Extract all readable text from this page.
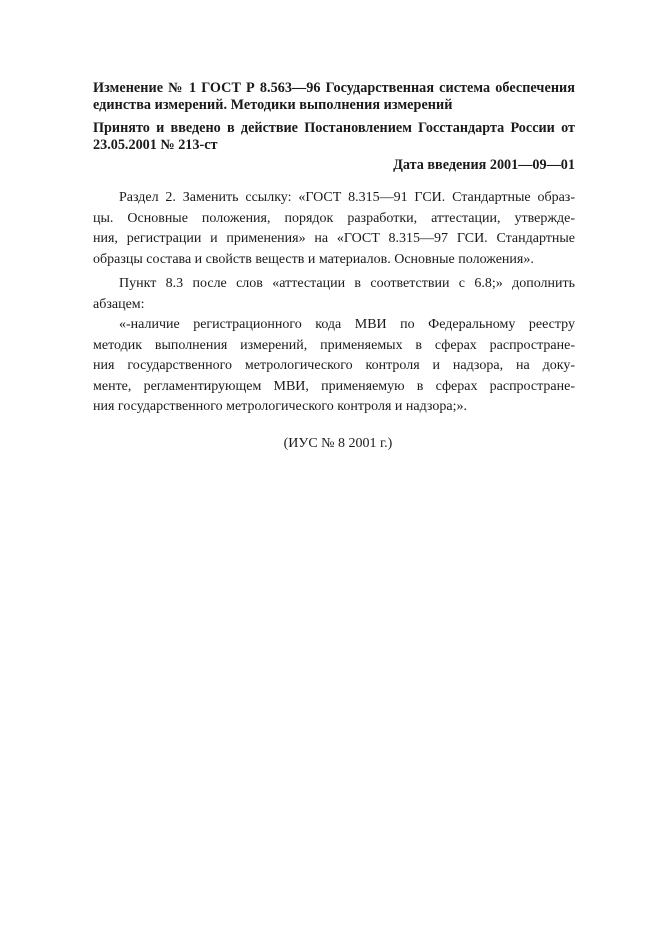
Изменение № 1 ГОСТ Р 8.563—96 Государственная система обеспечения
единства измерений. Методики выполнения измерений
Принято и введено в действие Постановлением Госстандарта России от
23.05.2001 № 213-ст
Дата введения 2001—09—01
Раздел 2. Заменить ссылку: «ГОСТ 8.315—91 ГСИ. Стандартные образ-
цы. Основные положения, порядок разработки, аттестации, утвержде-
ния, регистрации и применения» на «ГОСТ 8.315—97 ГСИ. Стандартные
образцы состава и свойств веществ и материалов. Основные положения».
Пункт 8.3 после слов «аттестации в соответствии с 6.8;» дополнить
абзацем:
«-наличие регистрационного кода МВИ по Федеральному реестру
методик выполнения измерений, применяемых в сферах распростране-
ния государственного метрологического контроля и надзора, на доку-
менте, регламентирующем МВИ, применяемую в сферах распростране-
ния государственного метрологического контроля и надзора;».
(ИУС № 8 2001 г.)
